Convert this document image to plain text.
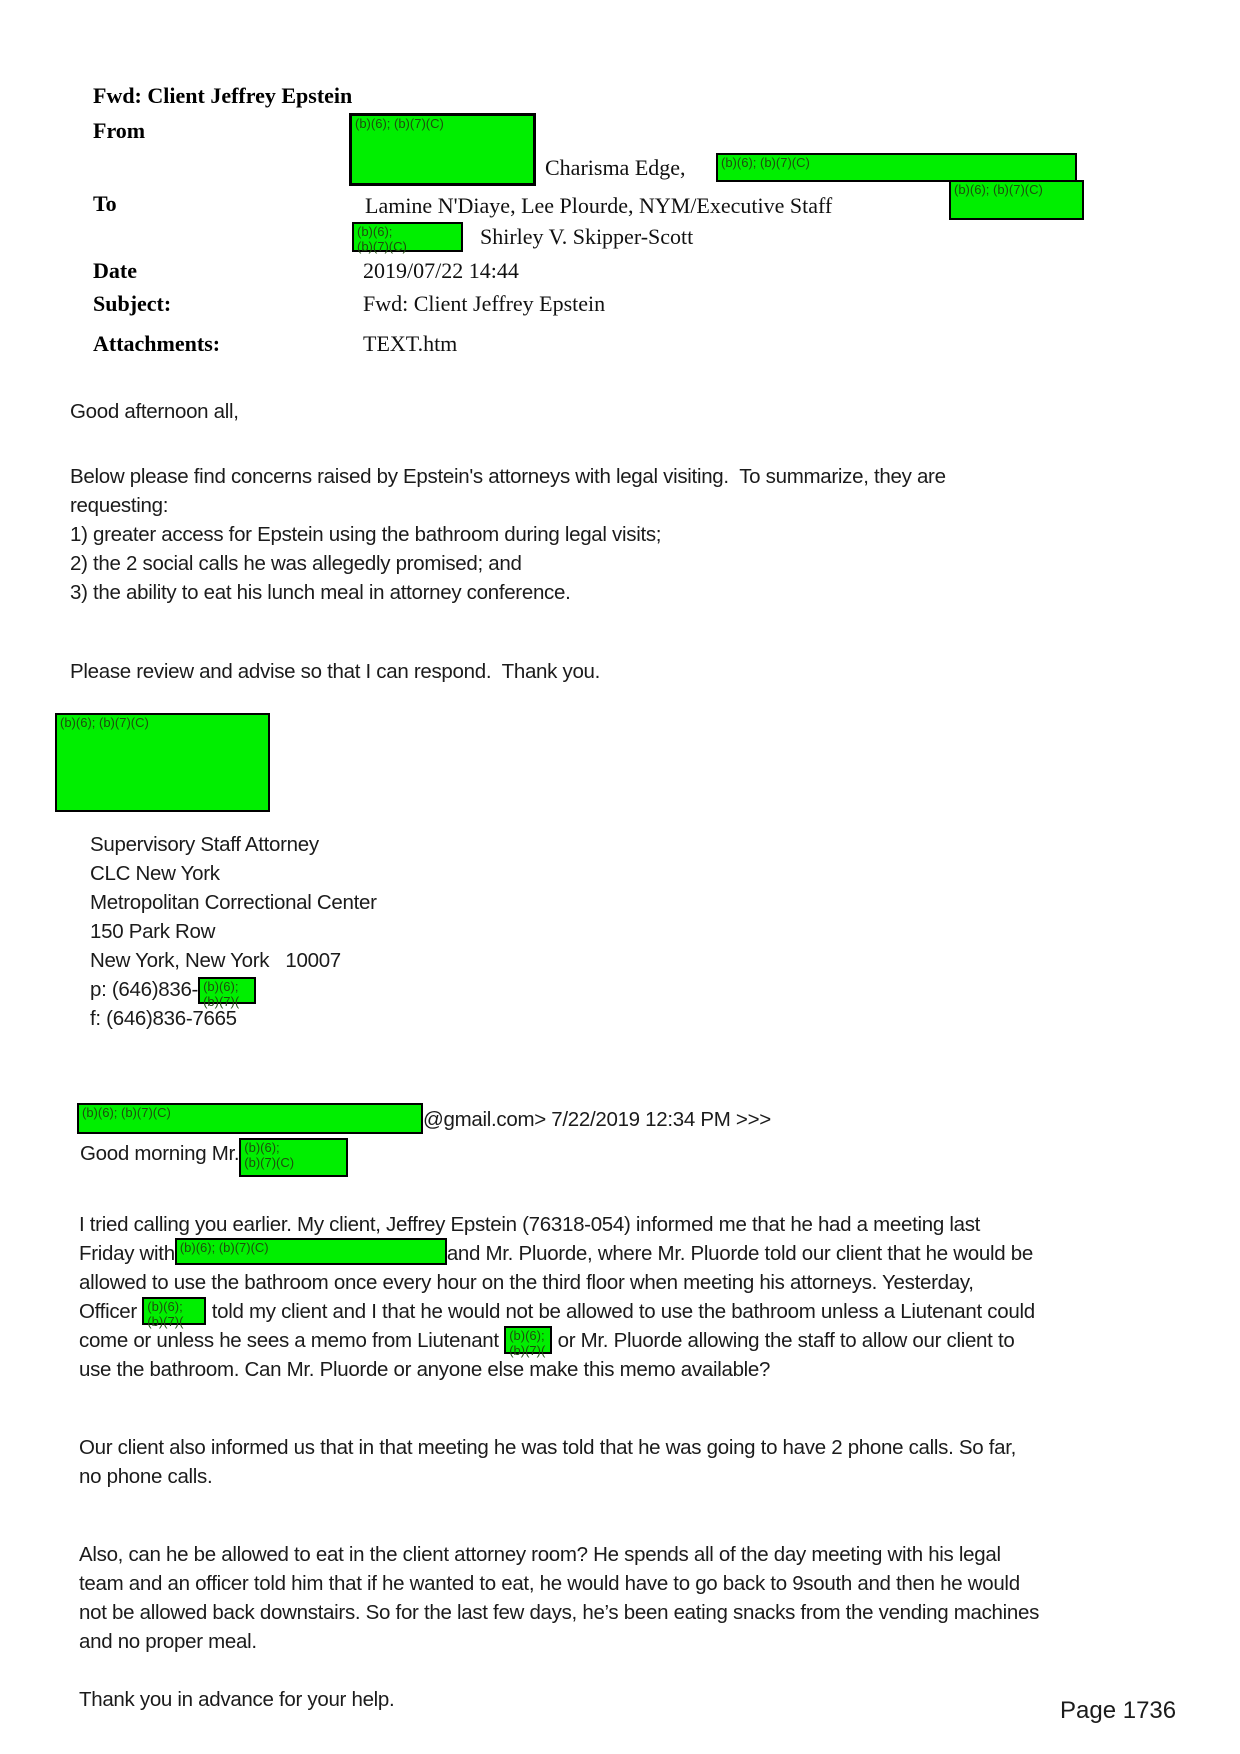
Fwd: Client Jeffrey Epstein
From	(b)(6); (b)(7)(C)
Charisma Edge,	(b)(6); (b)(7)(C)
To	Lamine N'Diaye, Lee Plourde, NYM/Executive Staff
(b)(6); (b)(7)(C)
(b)(6);
(b)(7)(C)	Shirley V. Skipper-Scott
Date	2019/07/22 14:44
Subject:	Fwd: Client Jeffrey Epstein
Attachments:	TEXT.htm
Good afternoon all,
Below please find concerns raised by Epstein's attorneys with legal visiting.  To summarize, they are
requesting:
1) greater access for Epstein using the bathroom during legal visits;
2) the 2 social calls he was allegedly promised; and
3) the ability to eat his lunch meal in attorney conference.
Please review and advise so that I can respond.  Thank you.
(b)(6); (b)(7)(C)
Supervisory Staff Attorney
CLC New York
Metropolitan Correctional Center
150 Park Row
New York, New York   10007
p: (646)836- (b)(6);
(b)(7)(
f: (646)836-7665
(b)(6); (b)(7)(C)	@gmail.com> 7/22/2019 12:34 PM >>>
Good morning Mr. (b)(6);
(b)(7)(C)
I tried calling you earlier. My client, Jeffrey Epstein (76318-054) informed me that he had a meeting last
Friday with (b)(6); (b)(7)(C)	and Mr. Pluorde, where Mr. Pluorde told our client that he would be
allowed to use the bathroom once every hour on the third floor when meeting his attorneys. Yesterday,
Officer (b)(6);
(b)(7)(	told my client and I that he would not be allowed to use the bathroom unless a Liutenant could
come or unless he sees a memo from Liutenant (b)(6);
(b)(7)( or Mr. Pluorde allowing the staff to allow our client to
use the bathroom. Can Mr. Pluorde or anyone else make this memo available?
Our client also informed us that in that meeting he was told that he was going to have 2 phone calls. So far,
no phone calls.
Also, can he be allowed to eat in the client attorney room? He spends all of the day meeting with his legal
team and an officer told him that if he wanted to eat, he would have to go back to 9south and then he would
not be allowed back downstairs. So for the last few days, he’s been eating snacks from the vending machines
and no proper meal.
Thank you in advance for your help.	Page 1736
